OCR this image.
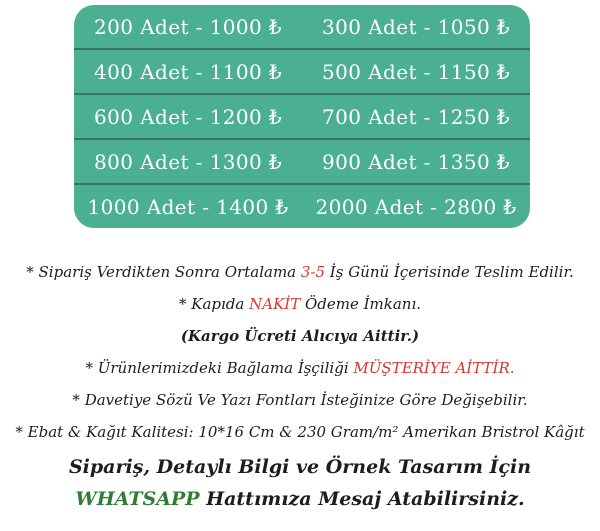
200 Adet - 1000 ₺	300 Adet - 1050 ₺
400 Adet - 1100 ₺	500 Adet - 1150 ₺
600 Adet - 1200 ₺	700 Adet - 1250 ₺
800 Adet - 1300 ₺	900 Adet - 1350 ₺
1000 Adet - 1400 ₺	2000 Adet - 2800 ₺
* Sipariş Verdikten Sonra Ortalama 3-5 İş Günü İçerisinde Teslim Edilir.
* Kapıda NAKİT Ödeme İmkanı.
(Kargo Ücreti Alıcıya Aittir.)
* Ürünlerimizdeki Bağlama İşçiliği MÜŞTERİYE AİTTİR.
* Davetiye Sözü Ve Yazı Fontları İsteğinize Göre Değişebilir.
* Ebat & Kağıt Kalitesi: 10*16 Cm & 230 Gram/m² Amerikan Bristrol Kâğıt
Sipariş, Detaylı Bilgi ve Örnek Tasarım İçin
WHATSAPP Hattımıza Mesaj Atabilirsiniz.
